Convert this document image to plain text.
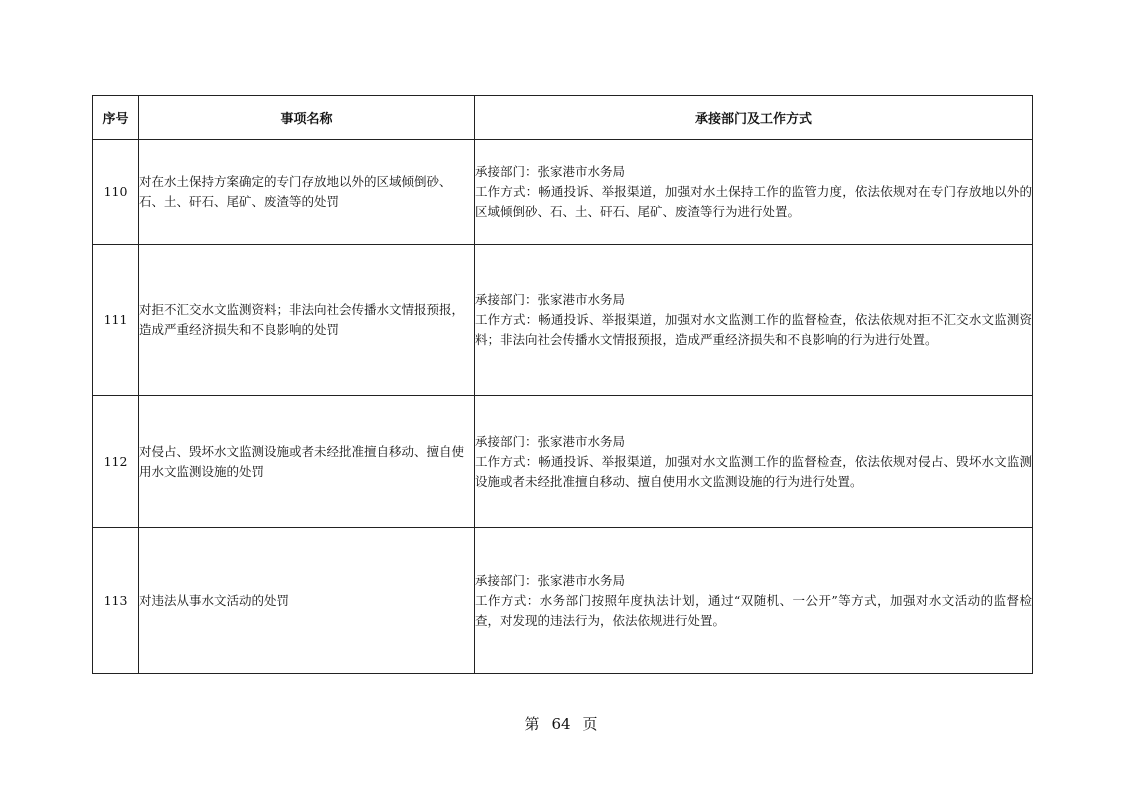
序号	事项名称	承接部门及工作方式
110	对在水土保持方案确定的专门存放地以外的区域倾倒砂、石、土、矸石、尾矿、废渣等的处罚	承接部门：张家港市水务局
工作方式：畅通投诉、举报渠道，加强对水土保持工作的监管力度，依法依规对在专门存放地以外的区域倾倒砂、石、土、矸石、尾矿、废渣等行为进行处置。

111	对拒不汇交水文监测资料；非法向社会传播水文情报预报，造成严重经济损失和不良影响的处罚	承接部门：张家港市水务局
工作方式：畅通投诉、举报渠道，加强对水文监测工作的监督检查，依法依规对拒不汇交水文监测资料；非法向社会传播水文情报预报，造成严重经济损失和不良影响的行为进行处置。

112	对侵占、毁坏水文监测设施或者未经批准擅自移动、擅自使用水文监测设施的处罚	承接部门：张家港市水务局
工作方式：畅通投诉、举报渠道，加强对水文监测工作的监督检查，依法依规对侵占、毁坏水文监测设施或者未经批准擅自移动、擅自使用水文监测设施的行为进行处置。

113	对违法从事水文活动的处罚	承接部门：张家港市水务局
工作方式：水务部门按照年度执法计划，通过“双随机、一公开”等方式，加强对水文活动的监督检查，对发现的违法行为，依法依规进行处置。
第 64 页
